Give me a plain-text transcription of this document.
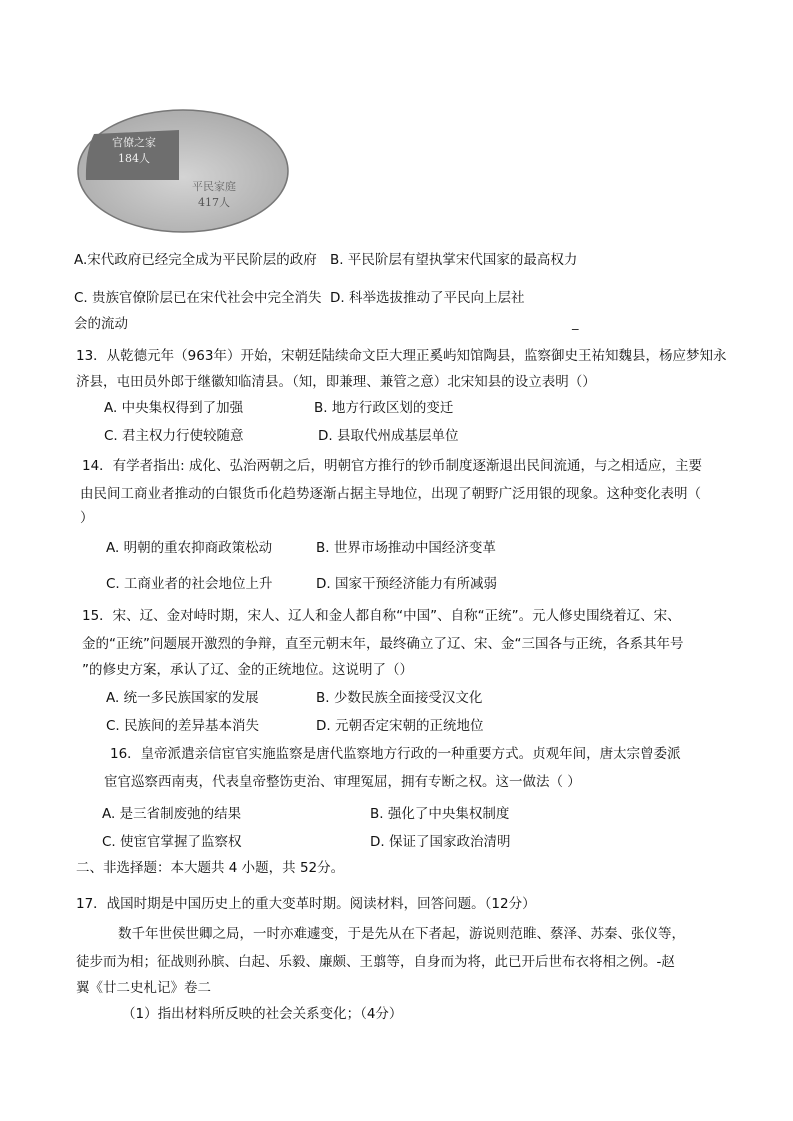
官僚之家
184人
平民家庭
417人
A.宋代政府已经完全成为平民阶层的政府 B. 平民阶层有望执掌宋代国家的最高权力
C. 贵族官僚阶层已在宋代社会中完全消失 D. 科举选拔推动了平民向上层社
会的流动	_
13．从乾德元年（963年）开始，宋朝廷陆续命文臣大理正奚屿知馆陶县，监察御史王祐知魏县，杨应梦知永
济县，屯田员外郎于继徽知临清县。（知，即兼理、兼管之意）北宋知县的设立表明（）
A. 中央集权得到了加强	B. 地方行政区划的变迁
C. 君主权力行使较随意	D. 县取代州成基层单位
14．有学者指出: 成化、弘治两朝之后，明朝官方推行的钞币制度逐渐退出民间流通，与之相适应，主要
由民间工商业者推动的白银货币化趋势逐渐占据主导地位，出现了朝野广泛用银的现象。这种变化表明（
）
A. 明朝的重农抑商政策松动	B. 世界市场推动中国经济变革
C. 工商业者的社会地位上升	D. 国家干预经济能力有所减弱
15．宋、辽、金对峙时期，宋人、辽人和金人都自称“中国”、自称“正统”。元人修史围绕着辽、宋、
金的“正统”问题展开激烈的争辩，直至元朝末年，最终确立了辽、宋、金“三国各与正统，各系其年号
”的修史方案，承认了辽、金的正统地位。这说明了（）
A. 统一多民族国家的发展	B. 少数民族全面接受汉文化
C. 民族间的差异基本消失	D. 元朝否定宋朝的正统地位
16．皇帝派遣亲信宦官实施监察是唐代监察地方行政的一种重要方式。贞观年间，唐太宗曾委派
宦官巡察西南夷，代表皇帝整饬吏治、审理冤屈，拥有专断之权。这一做法（ ）
A. 是三省制废弛的结果	B. 强化了中央集权制度
C. 使宦官掌握了监察权	D. 保证了国家政治清明
二、非选择题：本大题共 4 小题，共 52分。
17．战国时期是中国历史上的重大变革时期。阅读材料，回答问题。（12分）
数千年世侯世卿之局，一时亦难遽变，于是先从在下者起，游说则范睢、蔡泽、苏秦、张仪等，
徒步而为相；征战则孙膑、白起、乐毅、廉颇、王翦等，自身而为将，此已开后世布衣将相之例。-赵
翼《廿二史札记》卷二
（1）指出材料所反映的社会关系变化；（4分）
